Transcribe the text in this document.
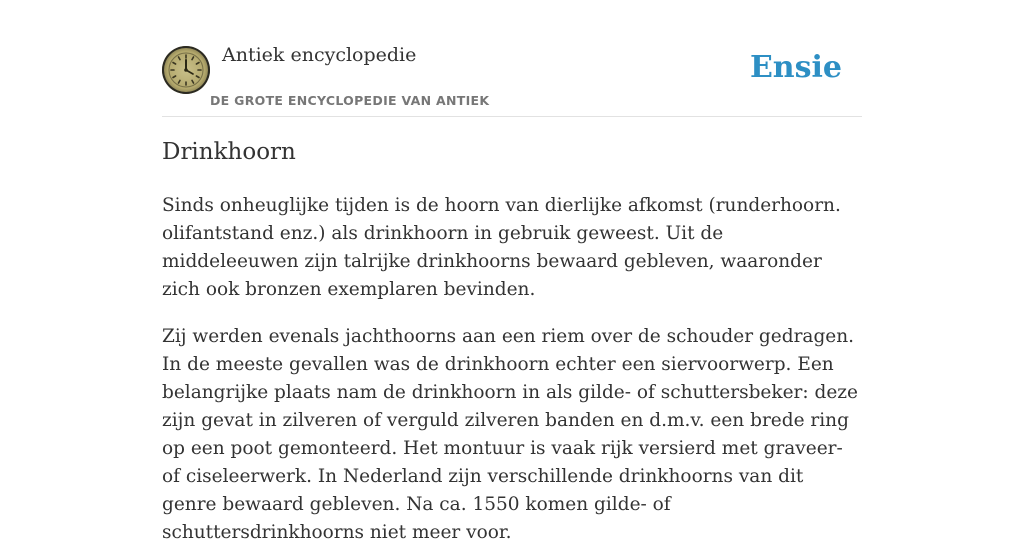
Antiek encyclopedie
DE GROTE ENCYCLOPEDIE VAN ANTIEK
Ensie
Drinkhoorn

Sinds onheuglijke tijden is de hoorn van dierlijke afkomst (runderhoorn. olifantstand enz.) als drinkhoorn in gebruik geweest. Uit de middeleeuwen zijn talrijke drinkhoorns bewaard gebleven, waaronder zich ook bronzen exemplaren bevinden.

Zij werden evenals jachthoorns aan een riem over de schouder gedragen. In de meeste gevallen was de drinkhoorn echter een siervoorwerp. Een belangrijke plaats nam de drinkhoorn in als gilde- of schuttersbeker: deze zijn gevat in zilveren of verguld zilveren banden en d.m.v. een brede ring op een poot gemonteerd. Het montuur is vaak rijk versierd met graveer- of ciseleerwerk. In Nederland zijn verschillende drinkhoorns van dit genre bewaard gebleven. Na ca. 1550 komen gilde- of schuttersdrinkhoorns niet meer voor.
